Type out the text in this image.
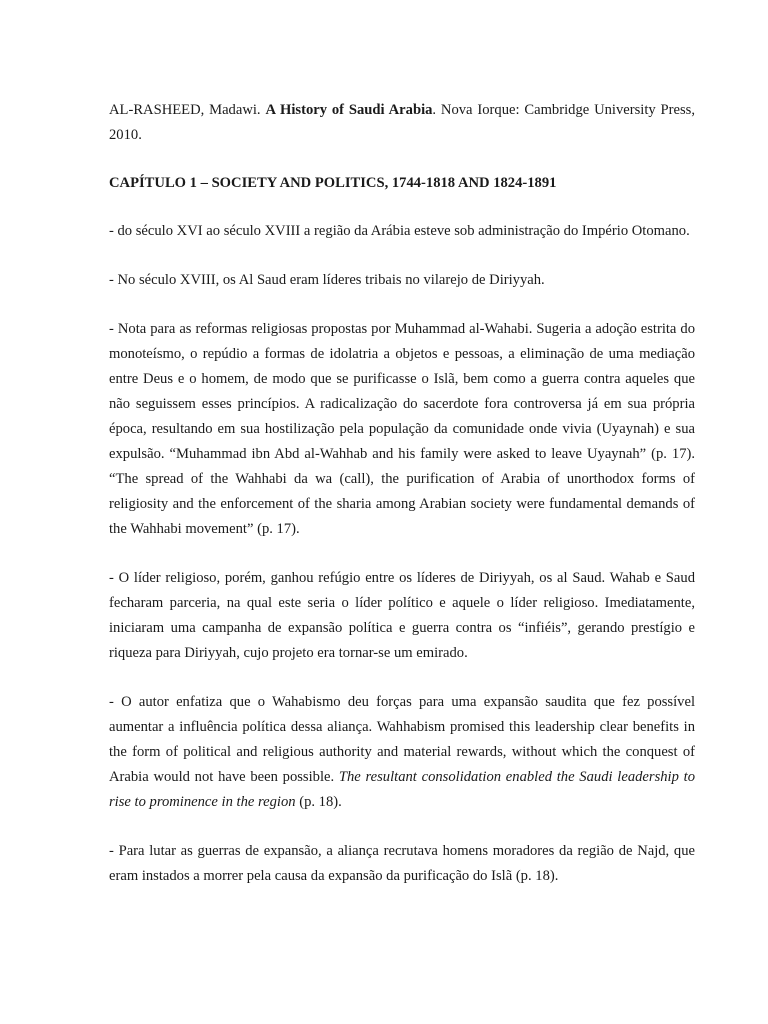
AL-RASHEED, Madawi. A History of Saudi Arabia. Nova Iorque: Cambridge University Press, 2010.

CAPÍTULO 1 – SOCIETY AND POLITICS, 1744-1818 AND 1824-1891

- do século XVI ao século XVIII a região da Arábia esteve sob administração do Império Otomano.

- No século XVIII, os Al Saud eram líderes tribais no vilarejo de Diriyyah.

- Nota para as reformas religiosas propostas por Muhammad al-Wahabi. Sugeria a adoção estrita do monoteísmo, o repúdio a formas de idolatria a objetos e pessoas, a eliminação de uma mediação entre Deus e o homem, de modo que se purificasse o Islã, bem como a guerra contra aqueles que não seguissem esses princípios. A radicalização do sacerdote fora controversa já em sua própria época, resultando em sua hostilização pela população da comunidade onde vivia (Uyaynah) e sua expulsão. “Muhammad ibn Abd al-Wahhab and his family were asked to leave Uyaynah” (p. 17). “The spread of the Wahhabi da wa (call), the purification of Arabia of unorthodox forms of religiosity and the enforcement of the sharia among Arabian society were fundamental demands of the Wahhabi movement” (p. 17).

- O líder religioso, porém, ganhou refúgio entre os líderes de Diriyyah, os al Saud. Wahab e Saud fecharam parceria, na qual este seria o líder político e aquele o líder religioso. Imediatamente, iniciaram uma campanha de expansão política e guerra contra os “infiéis”, gerando prestígio e riqueza para Diriyyah, cujo projeto era tornar-se um emirado.

- O autor enfatiza que o Wahabismo deu forças para uma expansão saudita que fez possível aumentar a influência política dessa aliança. Wahhabism promised this leadership clear benefits in the form of political and religious authority and material rewards, without which the conquest of Arabia would not have been possible. The resultant consolidation enabled the Saudi leadership to rise to prominence in the region (p. 18).

- Para lutar as guerras de expansão, a aliança recrutava homens moradores da região de Najd, que eram instados a morrer pela causa da expansão da purificação do Islã (p. 18).
